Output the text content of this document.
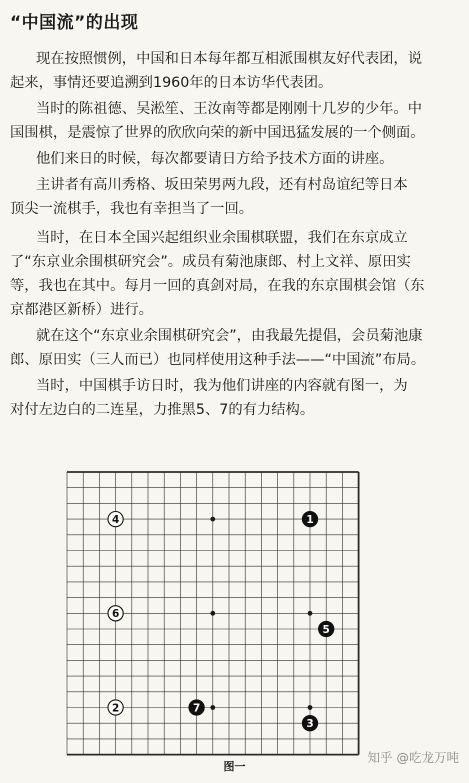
“中国流”的出现
现在按照惯例，中国和日本每年都互相派围棋友好代表团，说
起来，事情还要追溯到1960年的日本访华代表团。
当时的陈祖德、吴淞笙、王汝南等都是刚刚十几岁的少年。中
国围棋，是震惊了世界的欣欣向荣的新中国迅猛发展的一个侧面。
他们来日的时候，每次都要请日方给予技术方面的讲座。
主讲者有高川秀格、坂田荣男两九段，还有村岛谊纪等日本
顶尖一流棋手，我也有幸担当了一回。
当时，在日本全国兴起组织业余围棋联盟，我们在东京成立
了“东京业余围棋研究会”。成员有菊池康郎、村上文祥、原田实
等，我也在其中。每月一回的真剑对局，在我的东京围棋会馆（东
京都港区新桥）进行。
就在这个“东京业余围棋研究会”，由我最先提倡，会员菊池康
郎、原田实（三人而已）也同样使用这种手法——“中国流”布局。
当时，中国棋手访日时，我为他们讲座的内容就有图一，为
对付左边白的二连星，力推黑5、7的有力结构。
1
2
3
4
5
6
7
图一
知乎 @吃龙万吨
